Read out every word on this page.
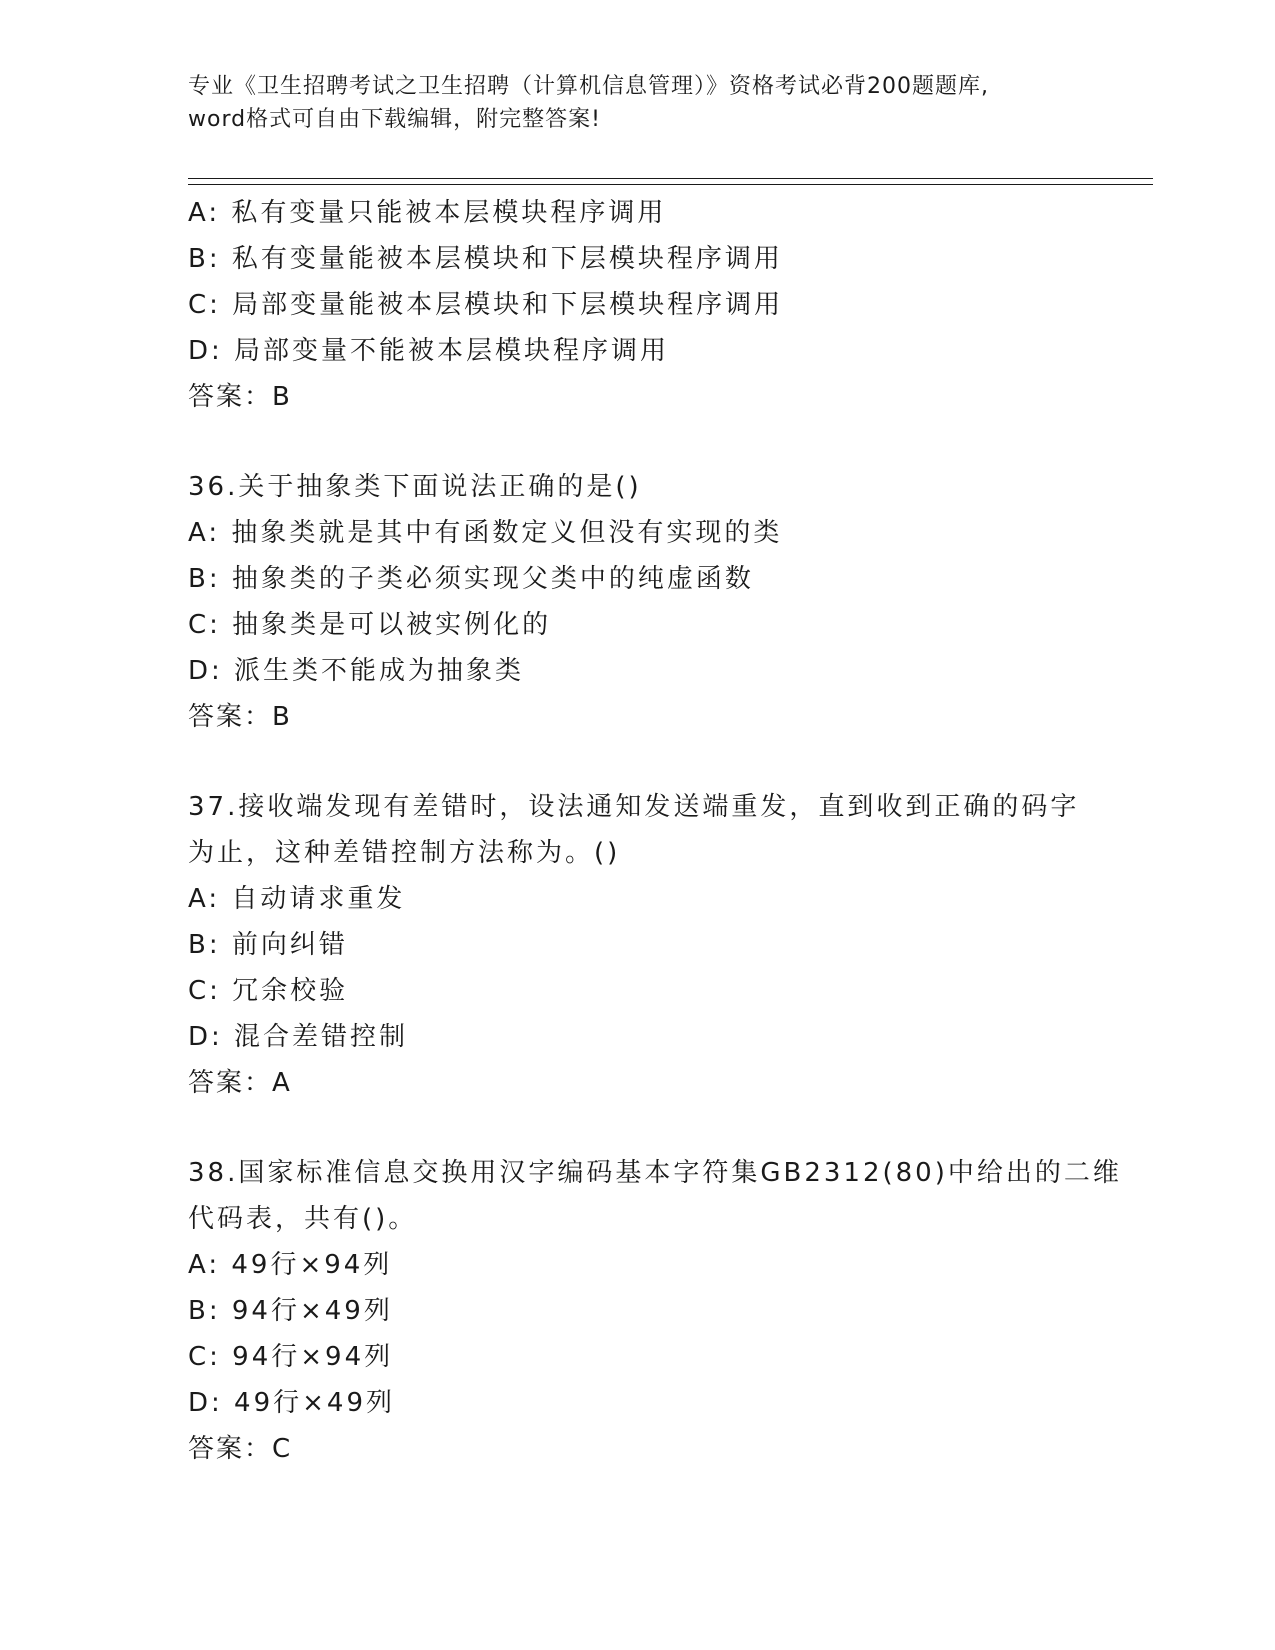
专业《卫生招聘考试之卫生招聘（计算机信息管理）》资格考试必背200题题库,
word格式可自由下载编辑，附完整答案!
A: 私有变量只能被本层模块程序调用
B: 私有变量能被本层模块和下层模块程序调用
C: 局部变量能被本层模块和下层模块程序调用
D: 局部变量不能被本层模块程序调用
答案：B
36.关于抽象类下面说法正确的是()
A: 抽象类就是其中有函数定义但没有实现的类
B: 抽象类的子类必须实现父类中的纯虚函数
C: 抽象类是可以被实例化的
D: 派生类不能成为抽象类
答案：B
37.接收端发现有差错时，设法通知发送端重发，直到收到正确的码字
为止，这种差错控制方法称为。()
A: 自动请求重发
B: 前向纠错
C: 冗余校验
D: 混合差错控制
答案：A
38.国家标准信息交换用汉字编码基本字符集GB2312(80)中给出的二维
代码表，共有()。
A: 49行×94列
B: 94行×49列
C: 94行×94列
D: 49行×49列
答案：C
